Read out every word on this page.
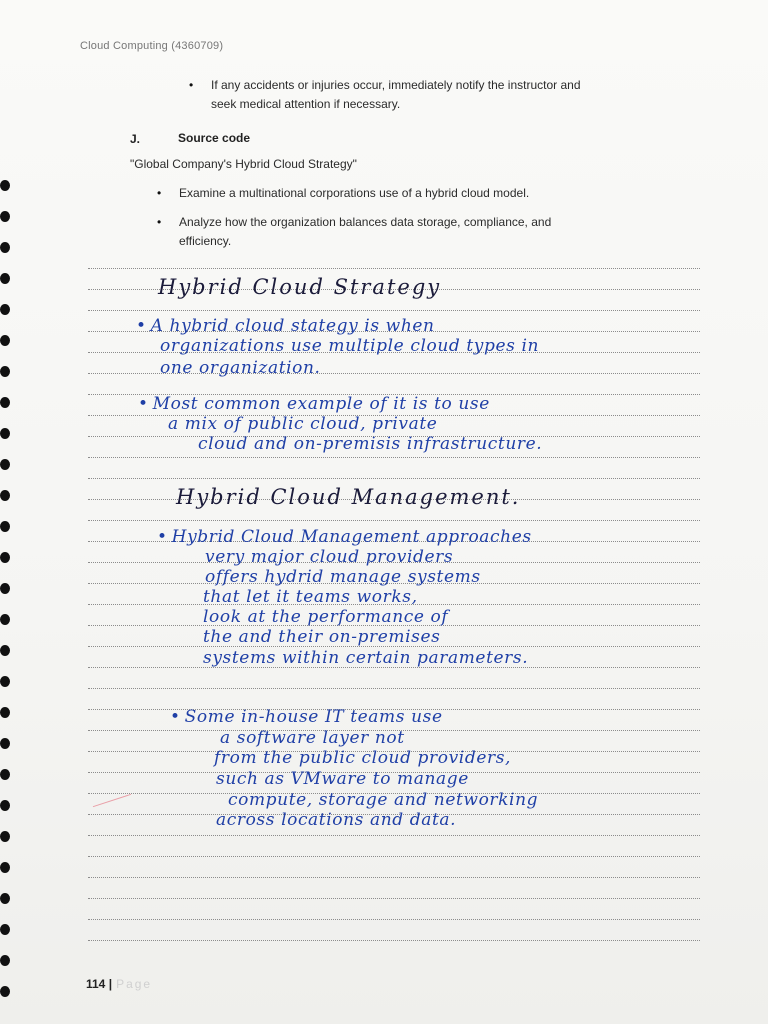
Cloud Computing (4360709)
• If any accidents or injuries occur, immediately notify the instructor and
seek medical attention if necessary.
J.	Source code
"Global Company's Hybrid Cloud Strategy"
• Examine a multinational corporations use of a hybrid cloud model.
• Analyze how the organization balances data storage, compliance, and
efficiency.
Hybrid Cloud Strategy
• A hybrid cloud stategy is when
organizations use multiple cloud types in
one organization.
• Most common example of it is to use
a mix of public cloud, private
cloud and on-premisis infrastructure.
Hybrid Cloud Management.
• Hybrid Cloud Management approaches
very major cloud providers
offers hydrid manage systems
that let it teams works,
look at the performance of
the and their on-premises
systems within certain parameters.
• Some in-house IT teams use
a software layer not
from the public cloud providers,
such as VMware to manage
compute, storage and networking
across locations and data.
114 | Page
